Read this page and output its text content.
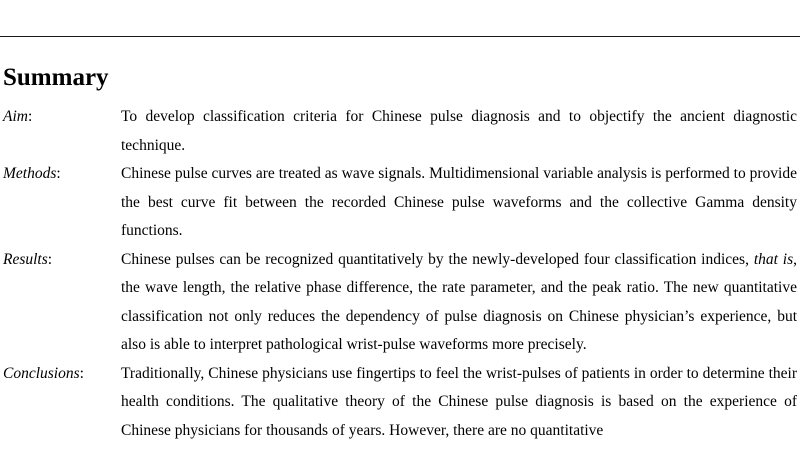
Summary
Aim:	To develop classification criteria for Chinese pulse diagnosis and to objectify the ancient diagnostic technique.

Methods:	Chinese pulse curves are treated as wave signals. Multidimensional variable analysis is performed to provide the best curve fit between the recorded Chinese pulse waveforms and the collective Gamma density functions.

Results:	Chinese pulses can be recognized quantitatively by the newly-developed four classification indices, that is, the wave length, the relative phase difference, the rate parameter, and the peak ratio. The new quantitative classification not only reduces the dependency of pulse diagnosis on Chinese physician’s experience, but also is able to interpret pathological wrist-pulse waveforms more precisely.

Conclusions: Traditionally, Chinese physicians use fingertips to feel the wrist-pulses of patients in order to determine their health conditions. The qualitative theory of the Chinese pulse diagnosis is based on the experience of Chinese physicians for thousands of years. However, there are no quantitative
